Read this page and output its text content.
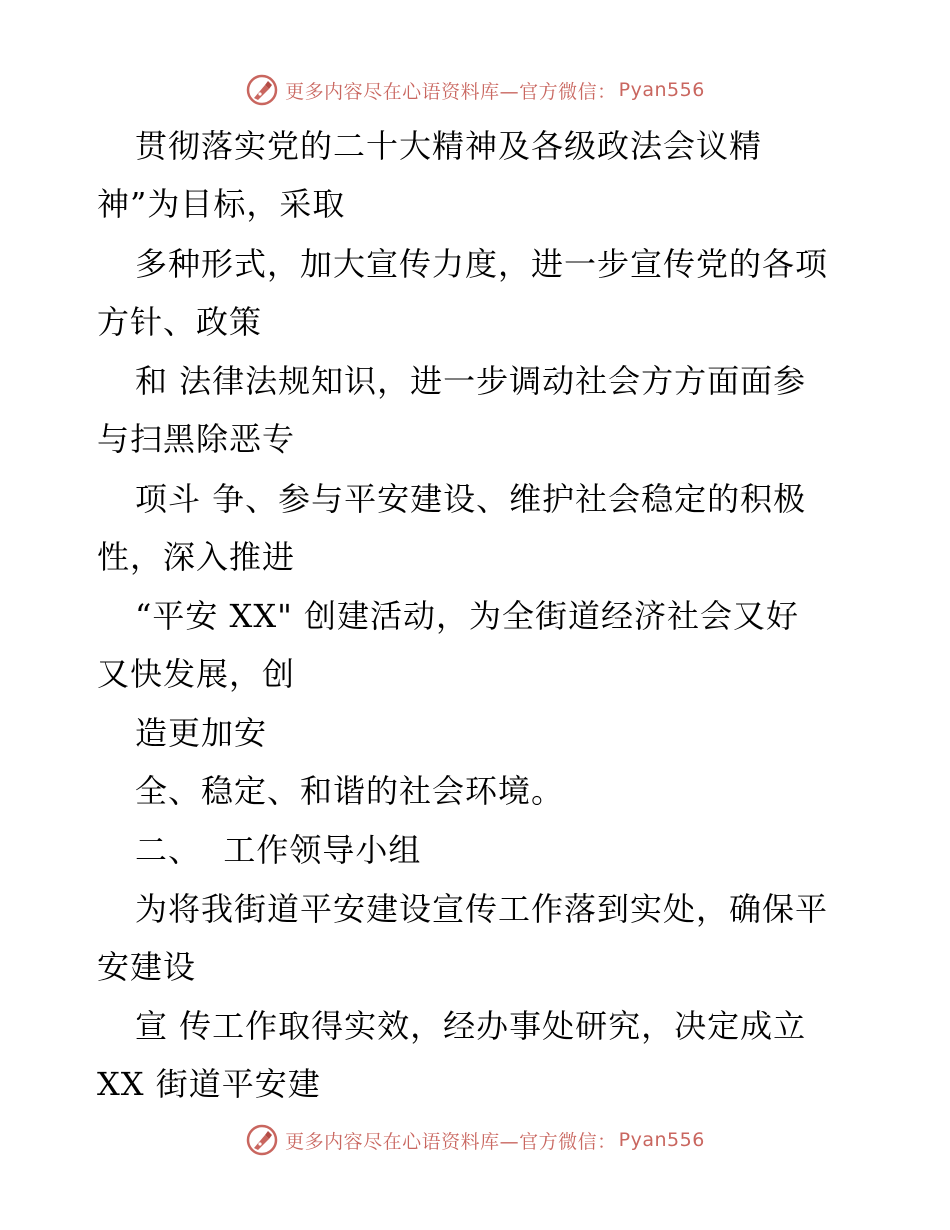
更多内容尽在心语资料库—官方微信： Pyan556
贯彻落实党的二十大精神及各级政法会议精
神”为目标，采取
多种形式，加大宣传力度，进一步宣传党的各项
方针、政策
和 法律法规知识，进一步调动社会方方面面参
与扫黑除恶专
项斗 争、参与平安建设、维护社会稳定的积极
性，深入推进
“平安 XX" 创建活动，为全街道经济社会又好
又快发展，创
造更加安
全、稳定、和谐的社会环境。
二、  工作领导小组
为将我街道平安建设宣传工作落到实处，确保平
安建设
宣 传工作取得实效，经办事处研究，决定成立
XX 街道平安建
更多内容尽在心语资料库—官方微信： Pyan556
